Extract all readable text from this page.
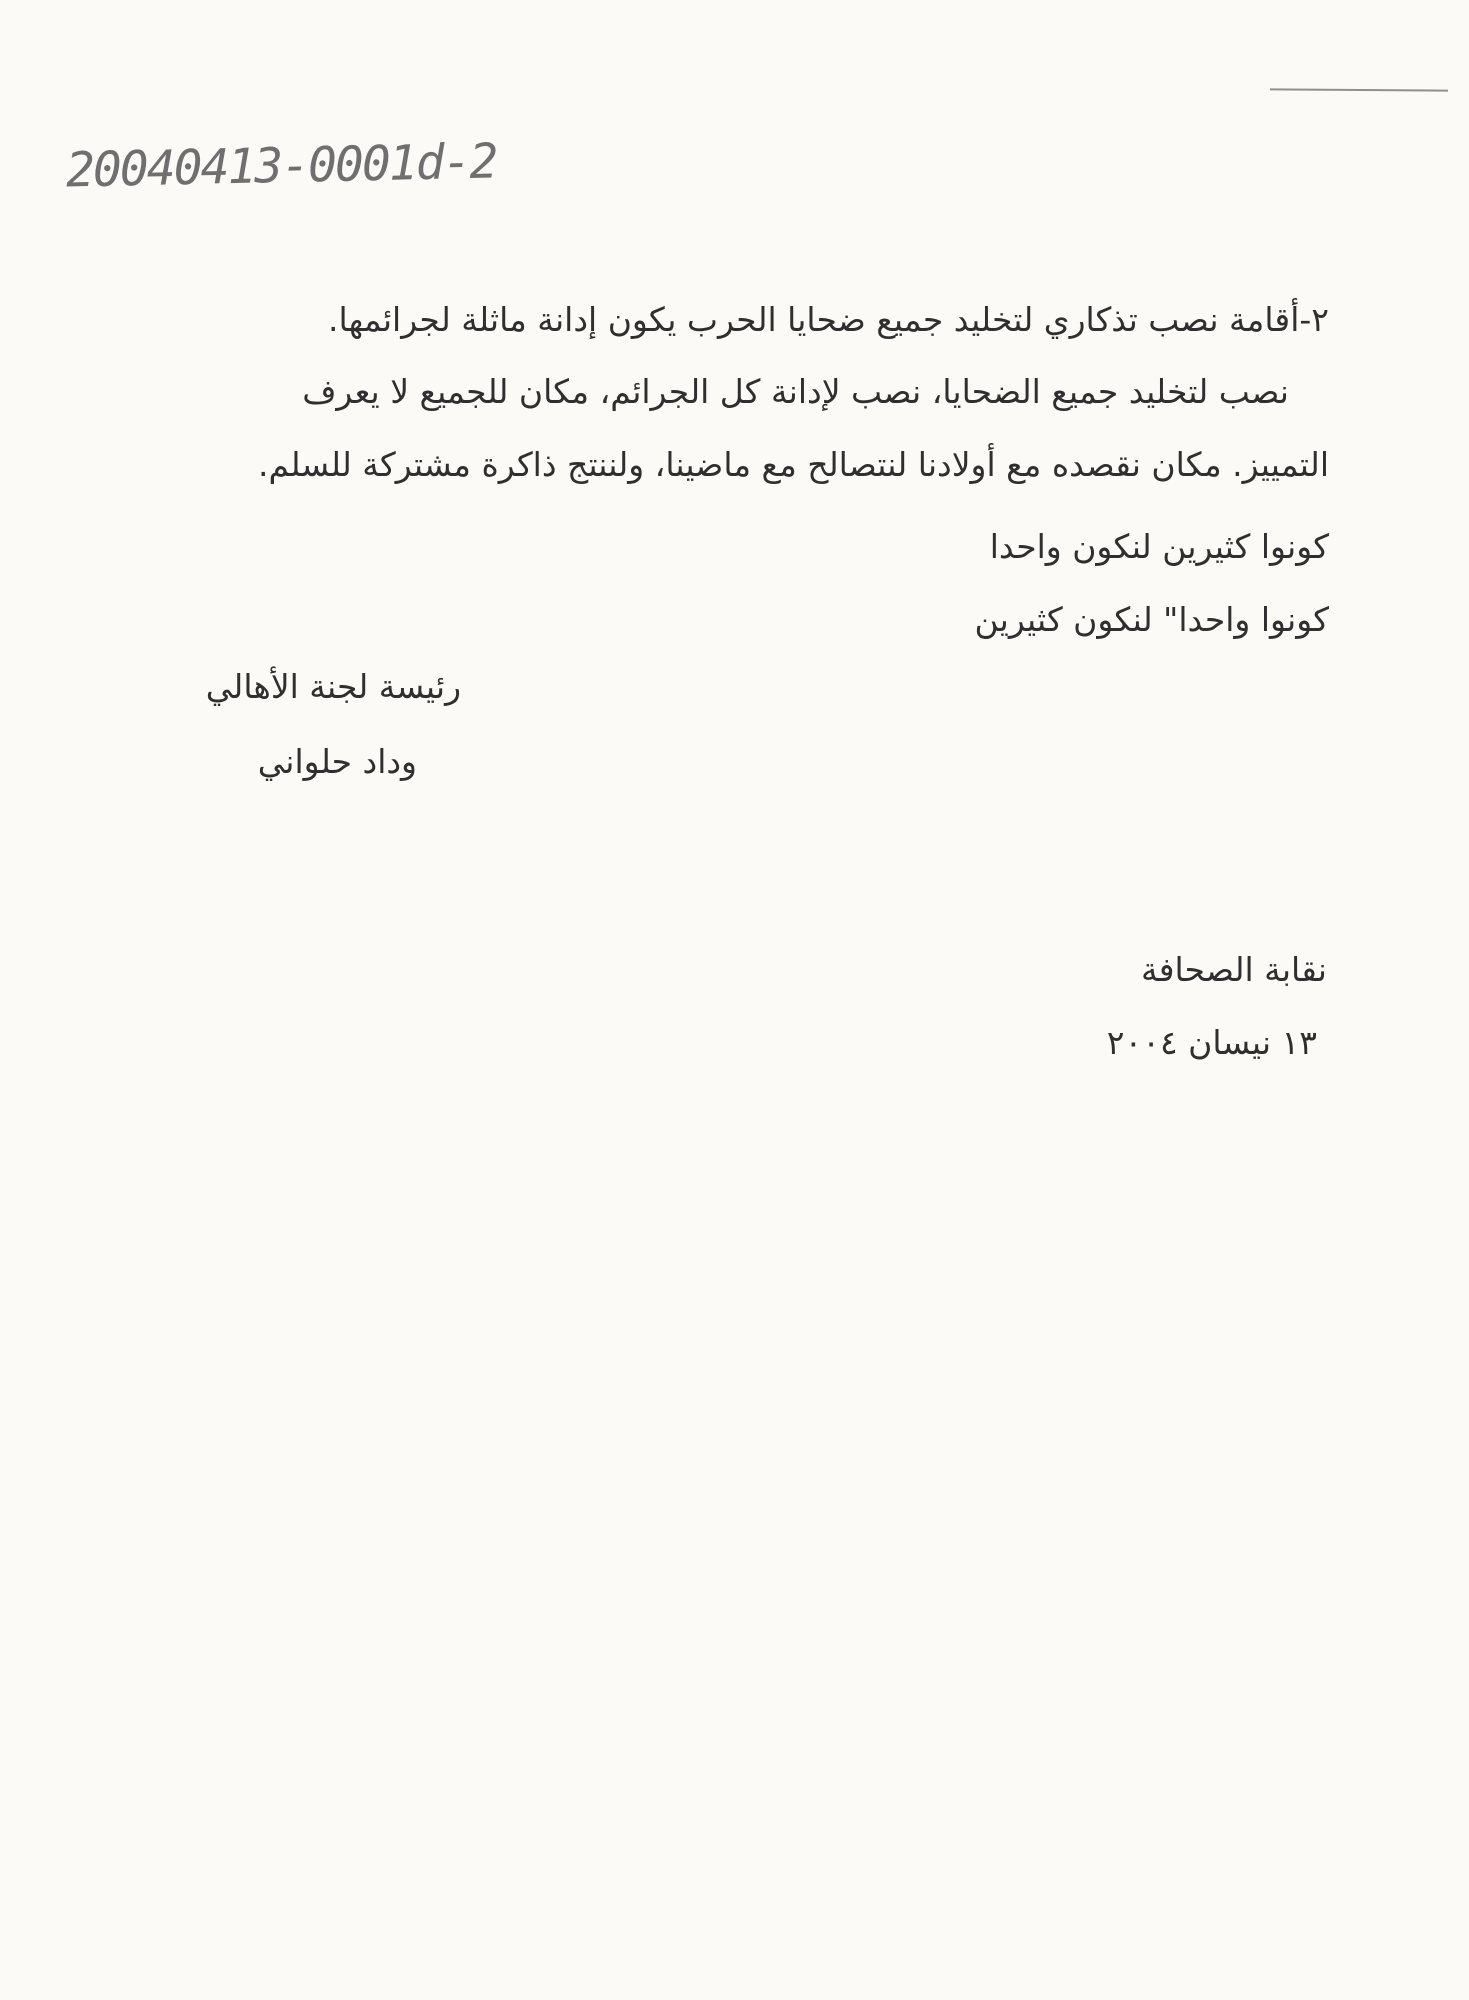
20040413-0001d-2
٢-أقامة نصب تذكاري لتخليد جميع ضحايا الحرب يكون إدانة ماثلة لجرائمها.
نصب لتخليد جميع الضحايا، نصب لإدانة كل الجرائم، مكان للجميع لا يعرف
التمييز. مكان نقصده مع أولادنا لنتصالح مع ماضينا، ولننتج ذاكرة مشتركة للسلم.
كونوا كثيرين لنكون واحدا
كونوا واحدا" لنكون كثيرين
رئيسة لجنة الأهالي
وداد حلواني
نقابة الصحافة
١٣ نيسان ٢٠٠٤
